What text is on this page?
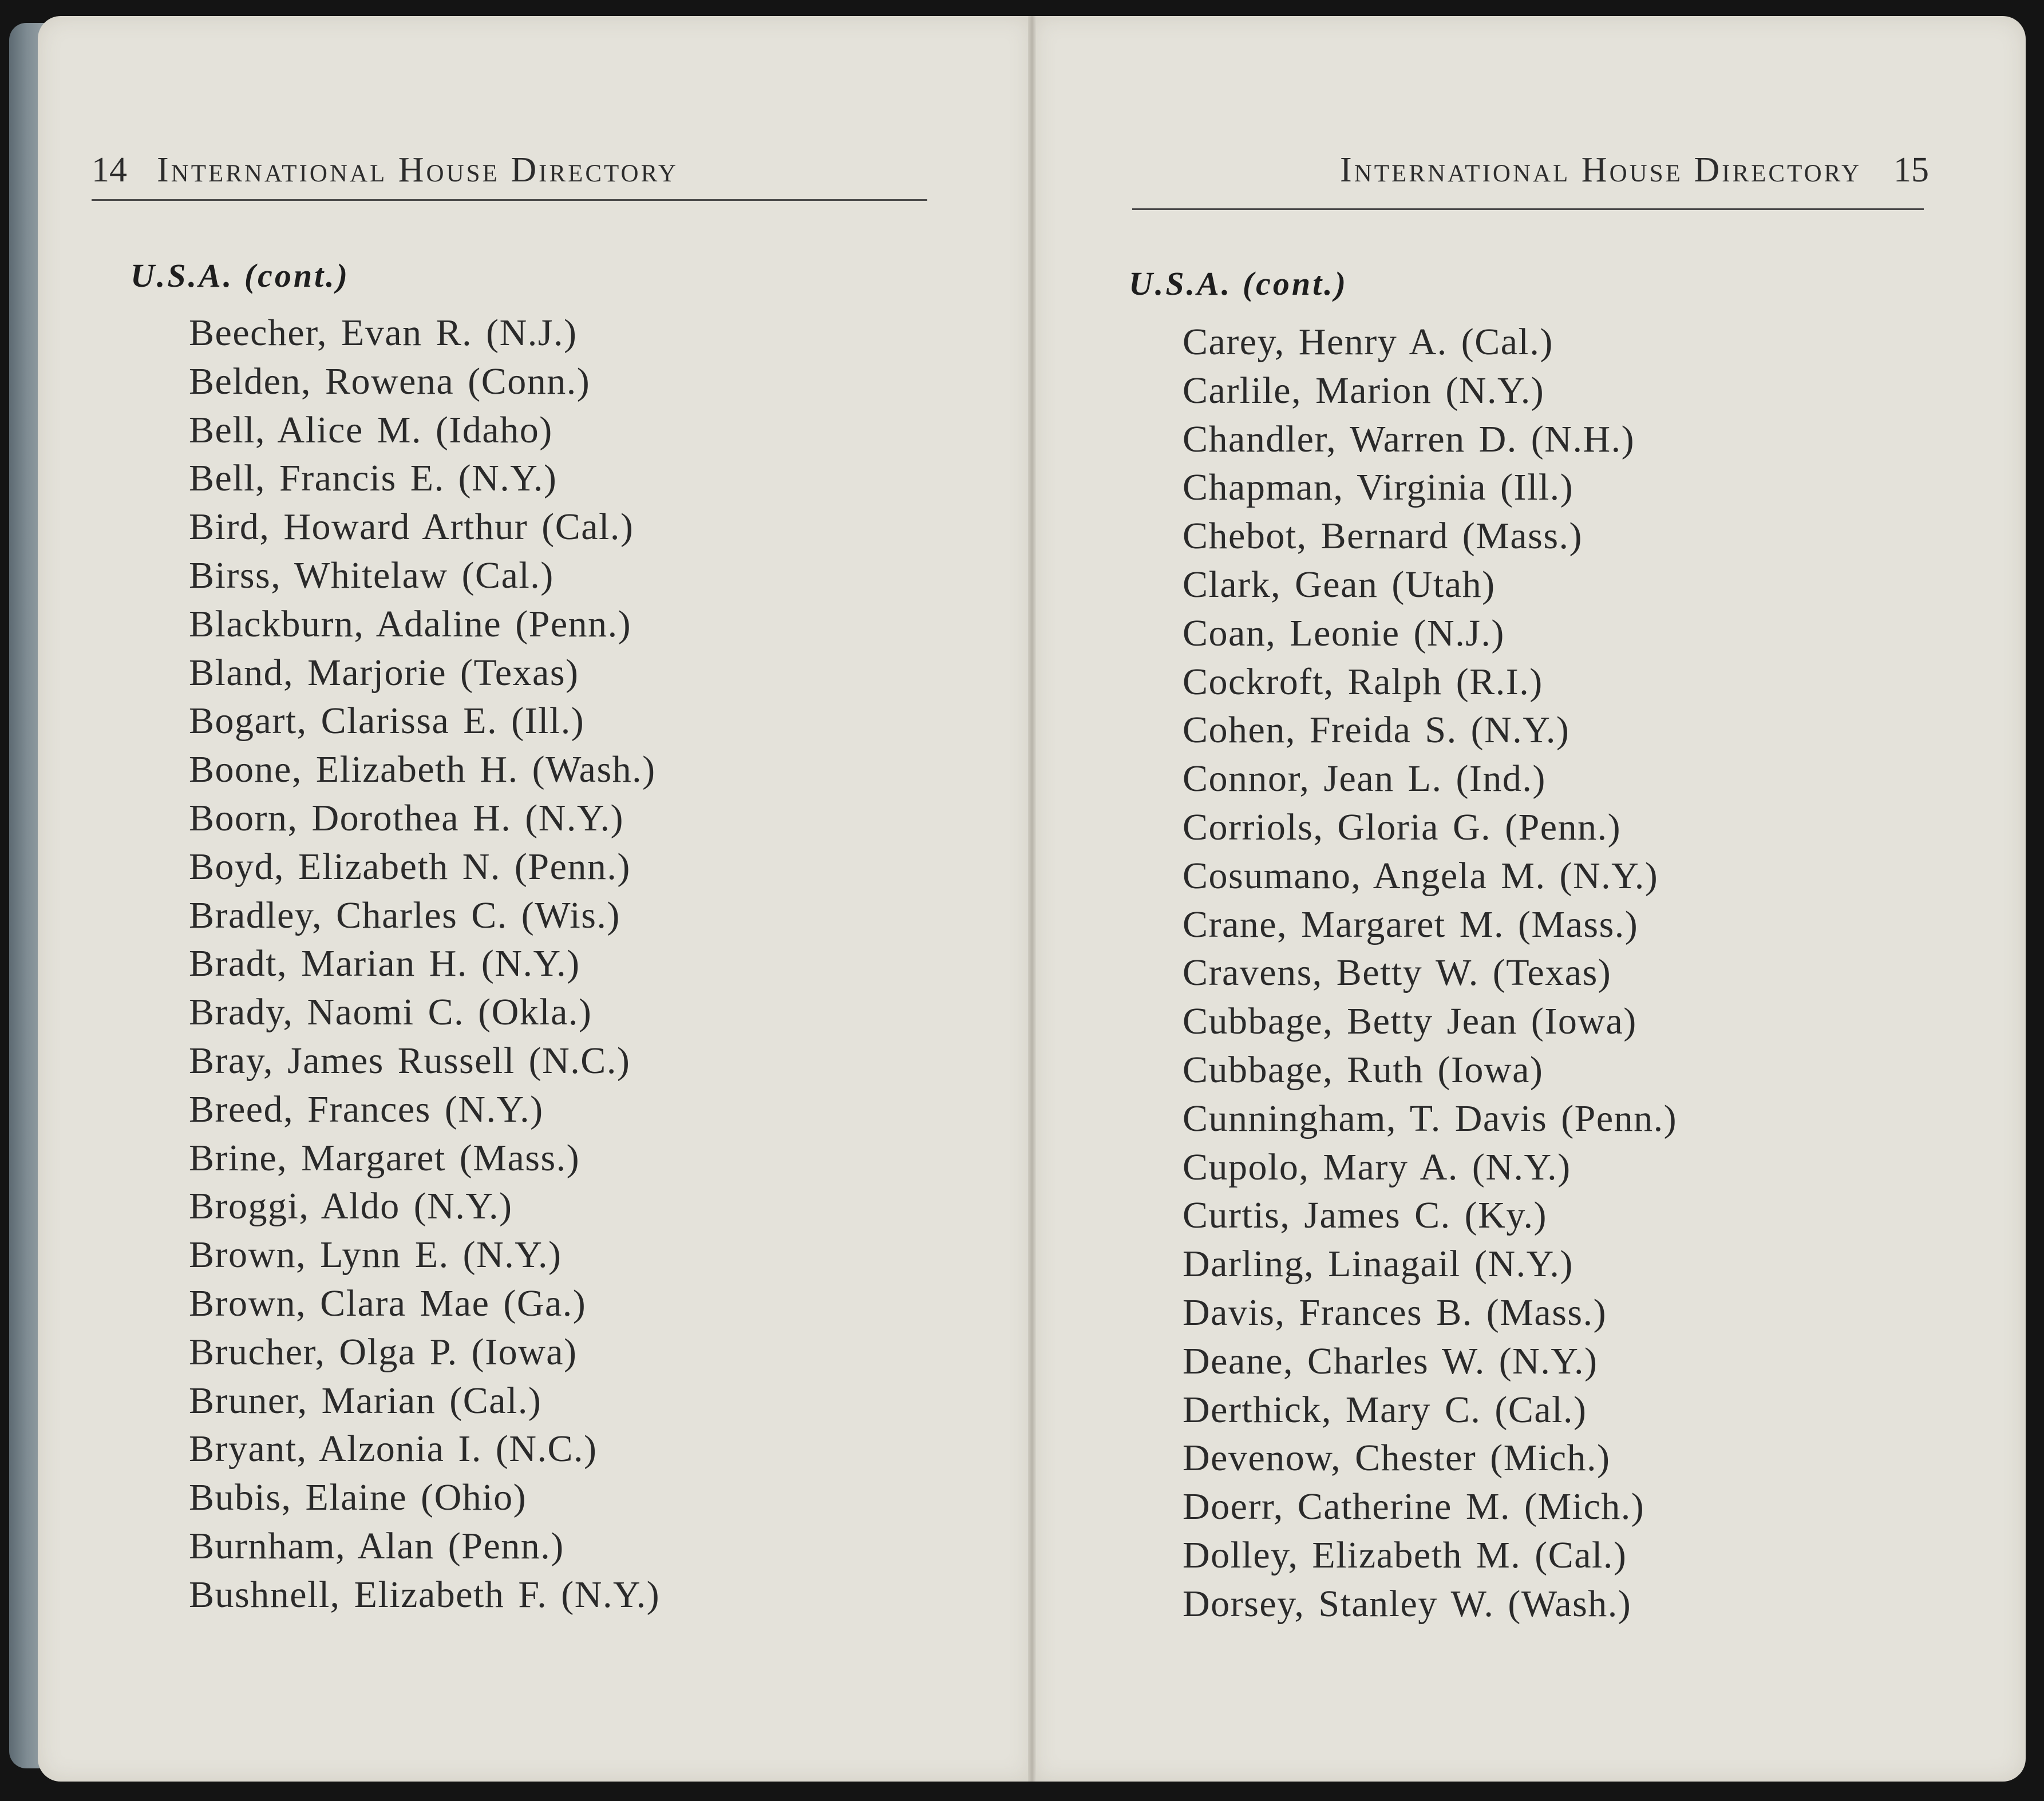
14 International House Directory	International House Directory 15
U.S.A. (cont.)	U.S.A. (cont.)
Beecher, Evan R. (N.J.)
Belden, Rowena (Conn.)
Bell, Alice M. (Idaho)
Bell, Francis E. (N.Y.)
Bird, Howard Arthur (Cal.)
Birss, Whitelaw (Cal.)
Blackburn, Adaline (Penn.)
Bland, Marjorie (Texas)
Bogart, Clarissa E. (Ill.)
Boone, Elizabeth H. (Wash.)
Boorn, Dorothea H. (N.Y.)
Boyd, Elizabeth N. (Penn.)
Bradley, Charles C. (Wis.)
Bradt, Marian H. (N.Y.)
Brady, Naomi C. (Okla.)
Bray, James Russell (N.C.)
Breed, Frances (N.Y.)
Brine, Margaret (Mass.)
Broggi, Aldo (N.Y.)
Brown, Lynn E. (N.Y.)
Brown, Clara Mae (Ga.)
Brucher, Olga P. (Iowa)
Bruner, Marian (Cal.)
Bryant, Alzonia I. (N.C.)
Bubis, Elaine (Ohio)
Burnham, Alan (Penn.)
Bushnell, Elizabeth F. (N.Y.)
Carey, Henry A. (Cal.)
Carlile, Marion (N.Y.)
Chandler, Warren D. (N.H.)
Chapman, Virginia (Ill.)
Chebot, Bernard (Mass.)
Clark, Gean (Utah)
Coan, Leonie (N.J.)
Cockroft, Ralph (R.I.)
Cohen, Freida S. (N.Y.)
Connor, Jean L. (Ind.)
Corriols, Gloria G. (Penn.)
Cosumano, Angela M. (N.Y.)
Crane, Margaret M. (Mass.)
Cravens, Betty W. (Texas)
Cubbage, Betty Jean (Iowa)
Cubbage, Ruth (Iowa)
Cunningham, T. Davis (Penn.)
Cupolo, Mary A. (N.Y.)
Curtis, James C. (Ky.)
Darling, Linagail (N.Y.)
Davis, Frances B. (Mass.)
Deane, Charles W. (N.Y.)
Derthick, Mary C. (Cal.)
Devenow, Chester (Mich.)
Doerr, Catherine M. (Mich.)
Dolley, Elizabeth M. (Cal.)
Dorsey, Stanley W. (Wash.)
